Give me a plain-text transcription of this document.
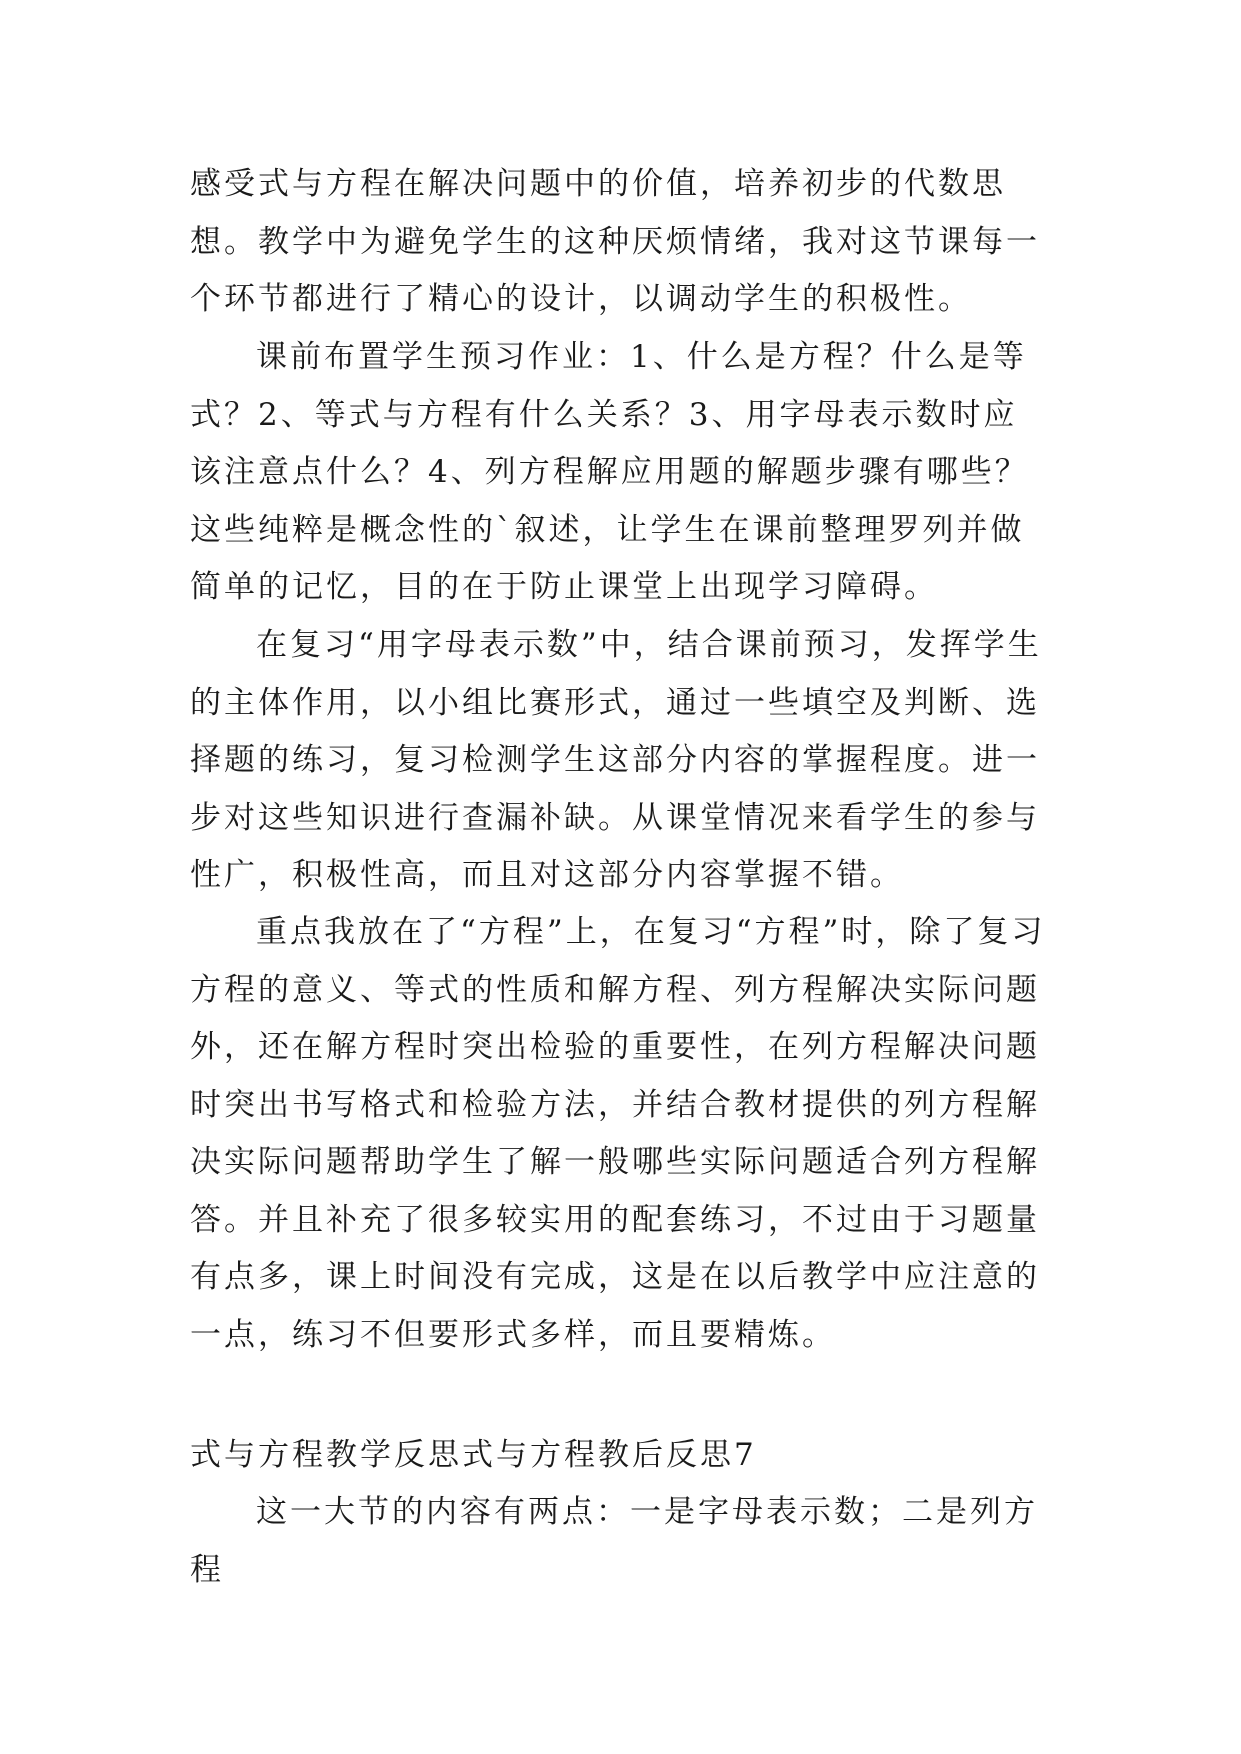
感受式与方程在解决问题中的价值，培养初步的代数思想。教学中为避免学生的这种厌烦情绪，我对这节课每一个环节都进行了精心的设计，以调动学生的积极性。

课前布置学生预习作业：1、什么是方程？什么是等式？2、等式与方程有什么关系？3、用字母表示数时应该注意点什么？4、列方程解应用题的解题步骤有哪些？这些纯粹是概念性的`叙述，让学生在课前整理罗列并做简单的记忆，目的在于防止课堂上出现学习障碍。

在复习“用字母表示数”中，结合课前预习，发挥学生的主体作用，以小组比赛形式，通过一些填空及判断、选择题的练习，复习检测学生这部分内容的掌握程度。进一步对这些知识进行查漏补缺。从课堂情况来看学生的参与性广，积极性高，而且对这部分内容掌握不错。

重点我放在了“方程”上，在复习“方程”时，除了复习方程的意义、等式的性质和解方程、列方程解决实际问题外，还在解方程时突出检验的重要性，在列方程解决问题时突出书写格式和检验方法，并结合教材提供的列方程解决实际问题帮助学生了解一般哪些实际问题适合列方程解答。并且补充了很多较实用的配套练习，不过由于习题量有点多，课上时间没有完成，这是在以后教学中应注意的一点，练习不但要形式多样，而且要精炼。

式与方程教学反思式与方程教后反思7

这一大节的内容有两点：一是字母表示数；二是列方程
